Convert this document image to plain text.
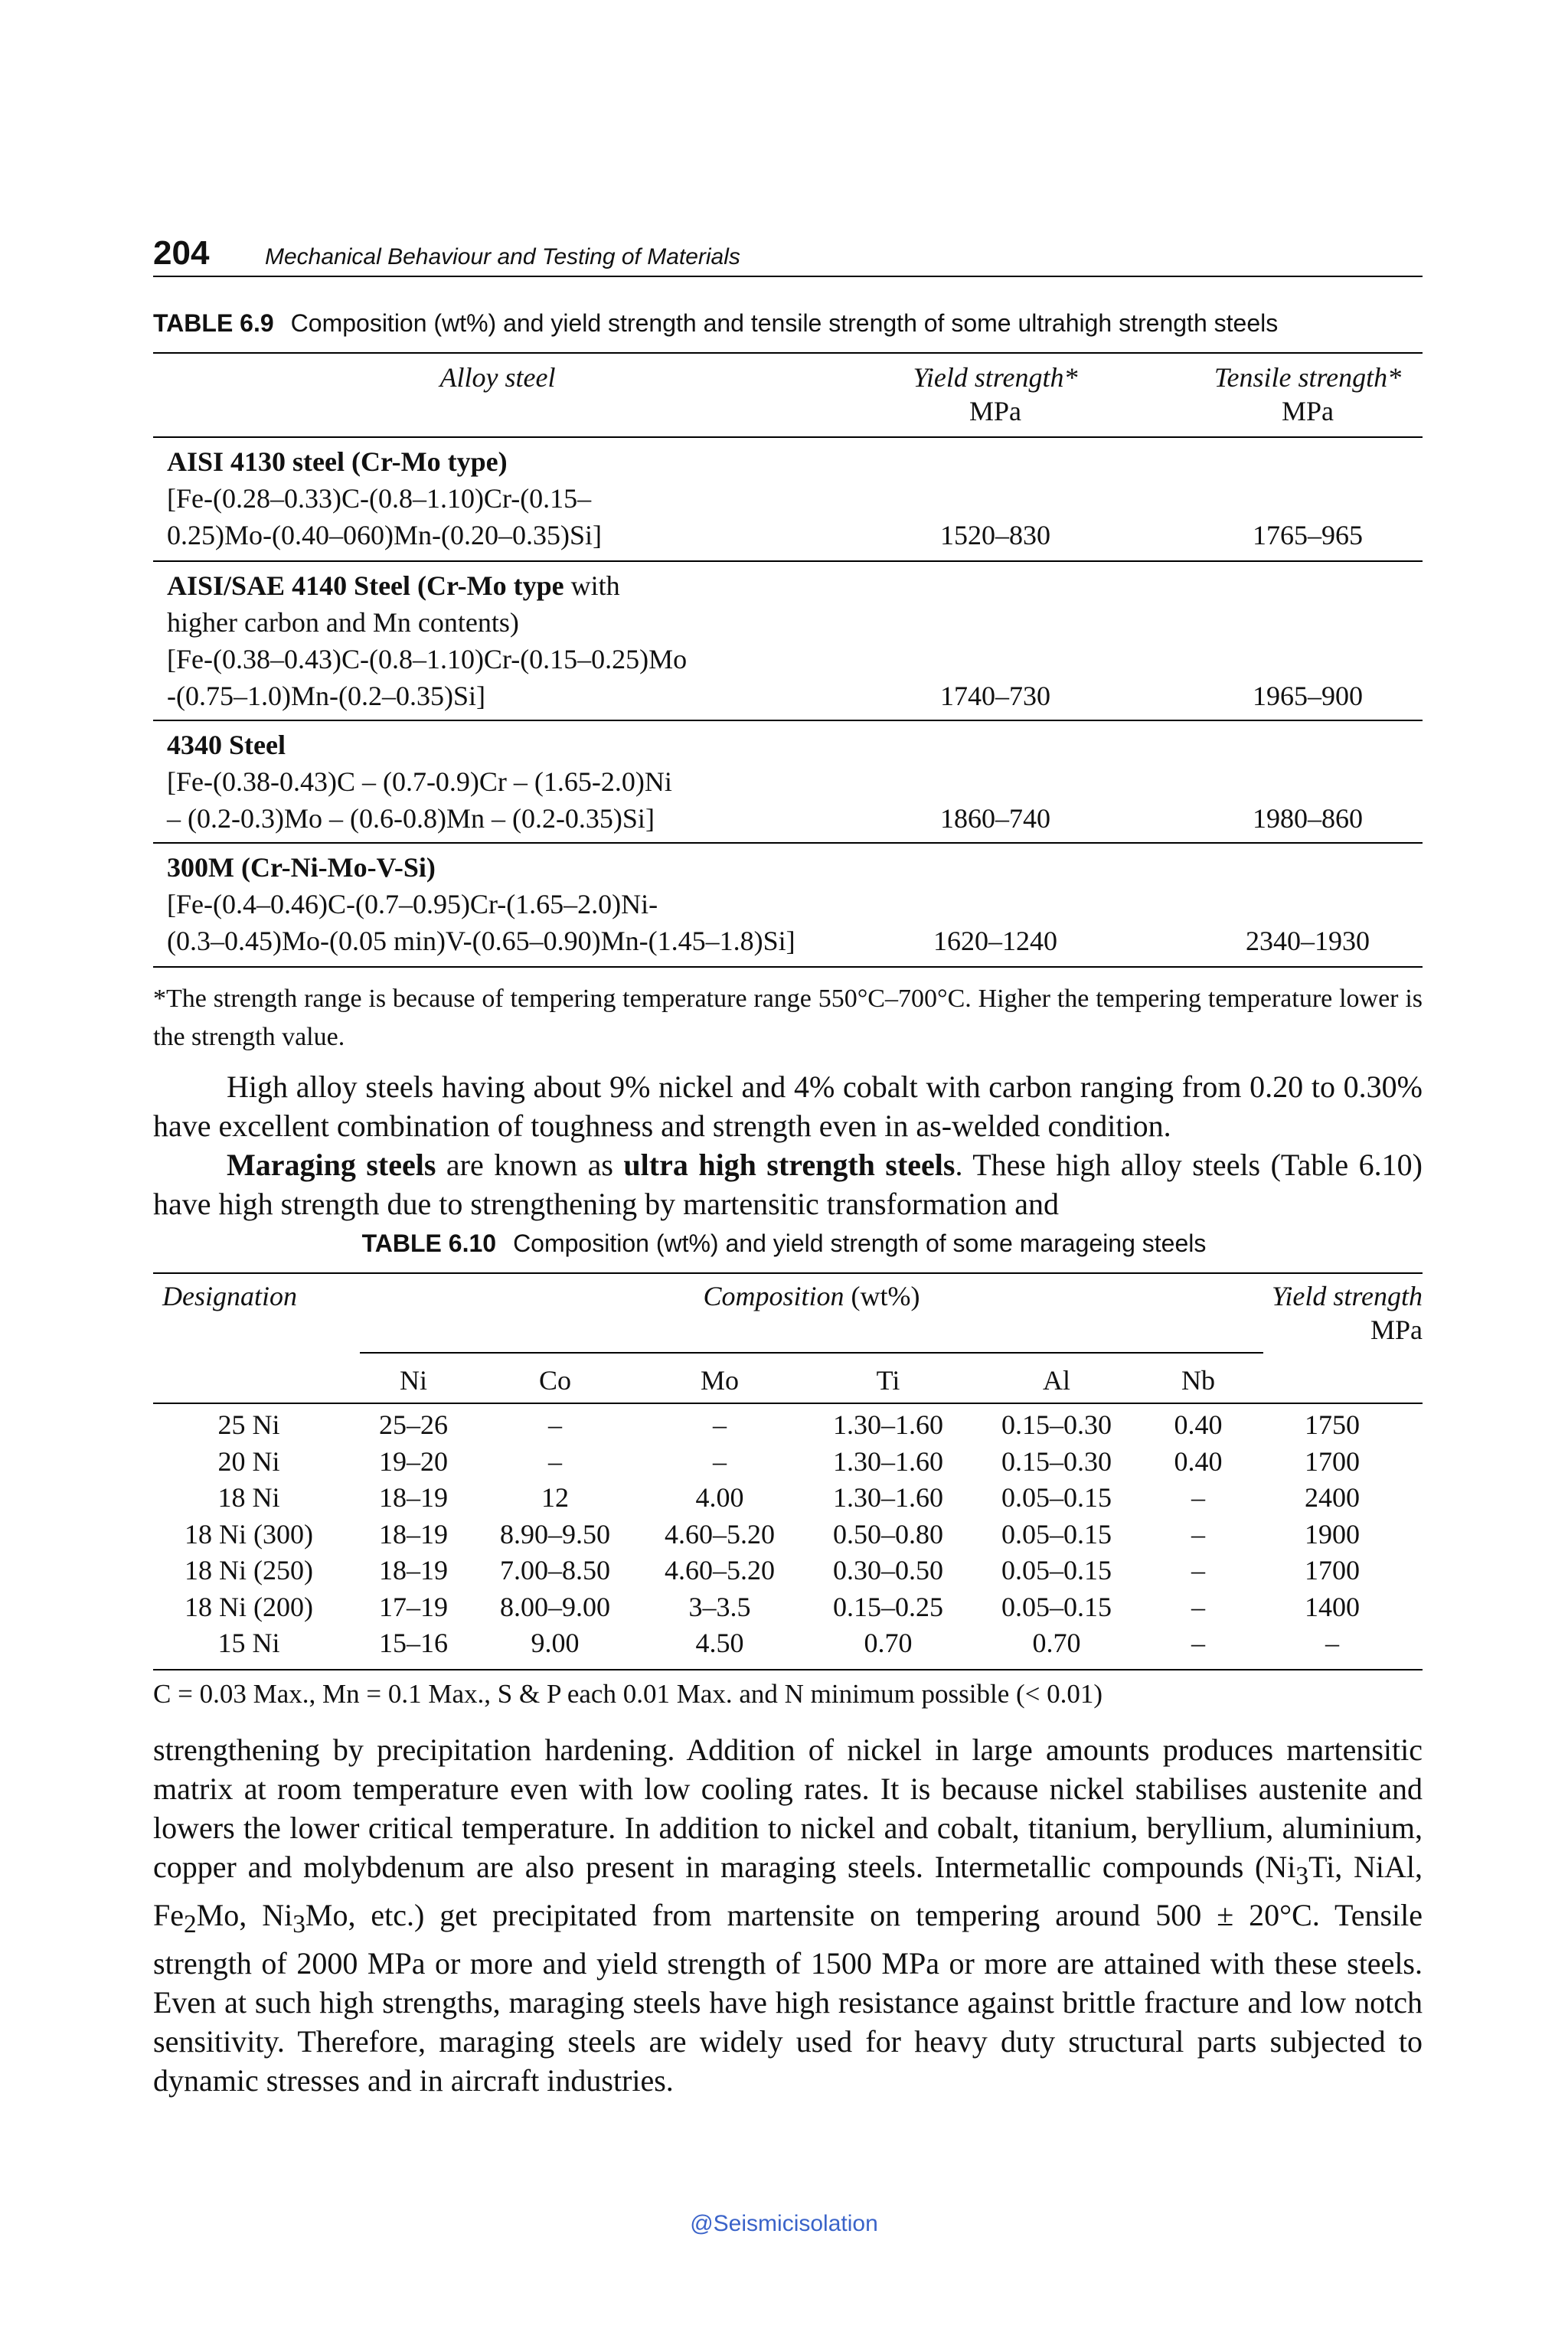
204 Mechanical Behaviour and Testing of Materials
TABLE 6.9 Composition (wt%) and yield strength and tensile strength of some ultrahigh strength steels
Alloy steel	Yield strength*
MPa
Tensile strength*
MPa
AISI 4130 steel (Cr-Mo type)
[Fe-(0.28–0.33)C-(0.8–1.10)Cr-(0.15–
0.25)Mo-(0.40–060)Mn-(0.20–0.35)Si]	1520–830	1765–965
AISI/SAE 4140 Steel (Cr-Mo type with
higher carbon and Mn contents)
[Fe-(0.38–0.43)C-(0.8–1.10)Cr-(0.15–0.25)Mo
-(0.75–1.0)Mn-(0.2–0.35)Si]	1740–730	1965–900
4340 Steel
[Fe-(0.38-0.43)C – (0.7-0.9)Cr – (1.65-2.0)Ni
– (0.2-0.3)Mo – (0.6-0.8)Mn – (0.2-0.35)Si]	1860–740	1980–860
300M (Cr-Ni-Mo-V-Si)
[Fe-(0.4–0.46)C-(0.7–0.95)Cr-(1.65–2.0)Ni-
(0.3–0.45)Mo-(0.05 min)V-(0.65–0.90)Mn-(1.45–1.8)Si]	1620–1240	2340–1930
*The strength range is because of tempering temperature range 550°C–700°C. Higher the tempering temperature lower is the strength value.
High alloy steels having about 9% nickel and 4% cobalt with carbon ranging from 0.20 to 0.30% have excellent combination of toughness and strength even in as-welded condition.
Maraging steels are known as ultra high strength steels. These high alloy steels (Table 6.10) have high strength due to strengthening by martensitic transformation and
TABLE 6.10 Composition (wt%) and yield strength of some marageing steels
Designation	Composition (wt%)	Yield strength
MPa
Ni	Co	Mo	Ti	Al	Nb
25 Ni	25–26	–	–	1.30–1.60	0.15–0.30	0.40	1750
20 Ni	19–20	–	–	1.30–1.60	0.15–0.30	0.40	1700
18 Ni	18–19	12	4.00	1.30–1.60	0.05–0.15	–	2400
18 Ni (300)	18–19	8.90–9.50	4.60–5.20	0.50–0.80	0.05–0.15	–	1900
18 Ni (250)	18–19	7.00–8.50	4.60–5.20	0.30–0.50	0.05–0.15	–	1700
18 Ni (200)	17–19	8.00–9.00	3–3.5	0.15–0.25	0.05–0.15	–	1400
15 Ni	15–16	9.00	4.50	0.70	0.70	–	–
C = 0.03 Max., Mn = 0.1 Max., S & P each 0.01 Max. and N minimum possible (< 0.01)
strengthening by precipitation hardening. Addition of nickel in large amounts produces martensitic matrix at room temperature even with low cooling rates. It is because nickel stabilises austenite and lowers the lower critical temperature. In addition to nickel and cobalt, titanium, beryllium, aluminium, copper and molybdenum are also present in maraging steels. Intermetallic compounds ($Ni_3Ti$, NiAl, $Fe_2Mo$, $Ni_3Mo$, etc.) get precipitated from martensite on tempering around 500 ± 20°C. Tensile strength of 2000 MPa or more and yield strength of 1500 MPa or more are attained with these steels. Even at such high strengths, maraging steels have high resistance against brittle fracture and low notch sensitivity. Therefore, maraging steels are widely used for heavy duty structural parts subjected to dynamic stresses and in aircraft industries.
@Seismicisolation
